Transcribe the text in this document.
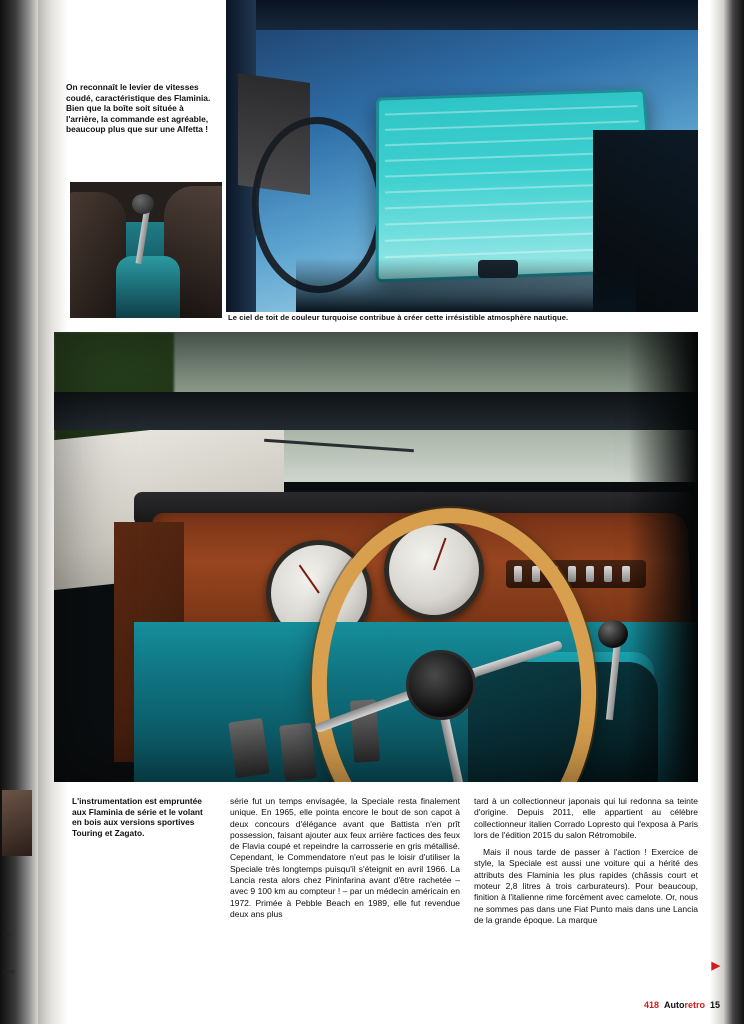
6
ce
ntre
On reconnaît le levier de vitesses coudé, caractéristique des Flaminia. Bien que la boîte soit située à l'arrière, la commande est agréable, beaucoup plus que sur une Alfetta !
Le ciel de toit de couleur turquoise contribue à créer cette irrésistible atmosphère nautique.
L'instrumentation est empruntée aux Flaminia de série et le volant en bois aux versions sportives Touring et Zagato.

série fut un temps envisagée, la Speciale resta finalement unique. En 1965, elle pointa encore le bout de son capot à deux concours d'élégance avant que Battista n'en prît possession, faisant ajouter aux feux arrière factices des feux de Flavia coupé et repeindre la carrosserie en gris métallisé. Cependant, le Commendatore n'eut pas le loisir d'utiliser la Speciale très longtemps puisqu'il s'éteignit en avril 1966. La Lancia resta alors chez Pininfarina avant d'être rachetée – avec 9 100 km au compteur ! – par un médecin américain en 1972. Primée à Pebble Beach en 1989, elle fut revendue deux ans plus

tard à un collectionneur japonais qui lui redonna sa teinte d'origine. Depuis 2011, elle appartient au célèbre collectionneur italien Corrado Lopresto qui l'exposa à Paris lors de l'édition 2015 du salon Rétromobile.

Mais il nous tarde de passer à l'action ! Exercice de style, la Speciale est aussi une voiture qui a hérité des attributs des Flaminia les plus rapides (châssis court et moteur 2,8 litres à trois carburateurs). Pour beaucoup, finition à l'italienne rime forcément avec camelote. Or, nous ne sommes pas dans une Fiat Punto mais dans une Lancia de la grande époque. La marque

▶
418 Autoretro 15
